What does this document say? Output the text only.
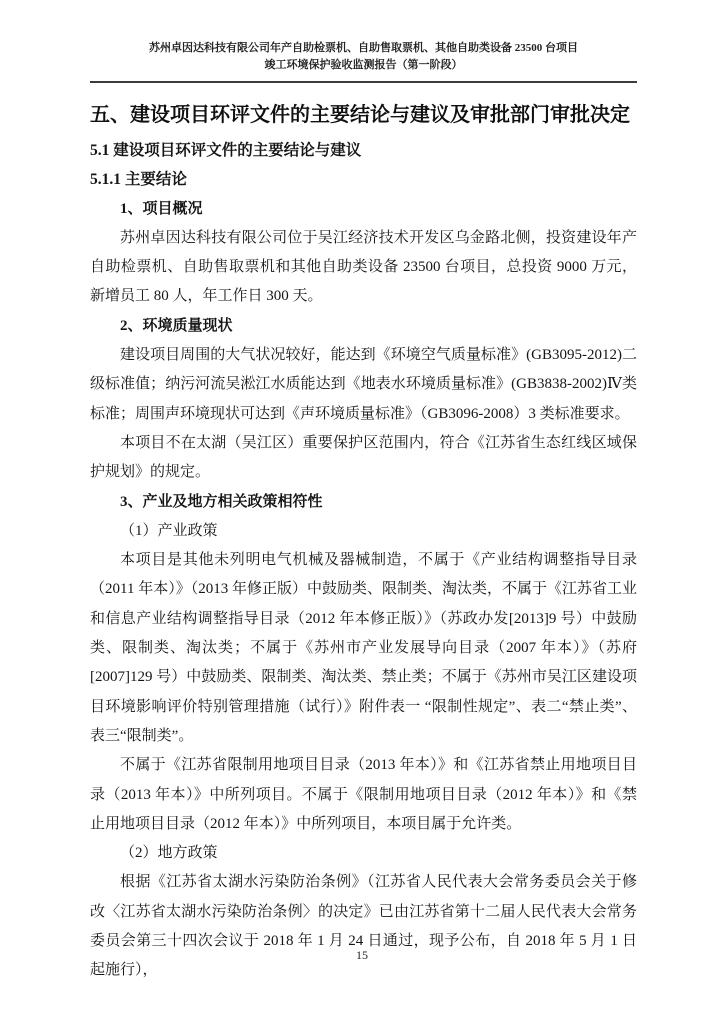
苏州卓因达科技有限公司年产自助检票机、自助售取票机、其他自助类设备 23500 台项目
竣工环境保护验收监测报告（第一阶段）
五、建设项目环评文件的主要结论与建议及审批部门审批决定
5.1 建设项目环评文件的主要结论与建议
5.1.1 主要结论
1、项目概况
苏州卓因达科技有限公司位于吴江经济技术开发区乌金路北侧，投资建设年产自助检票机、自助售取票机和其他自助类设备 23500 台项目，总投资 9000 万元，新增员工 80 人，年工作日 300 天。
2、环境质量现状
建设项目周围的大气状况较好，能达到《环境空气质量标准》(GB3095-2012)二级标准值；纳污河流吴淞江水质能达到《地表水环境质量标准》(GB3838-2002)Ⅳ类标准；周围声环境现状可达到《声环境质量标准》（GB3096-2008）3 类标准要求。
本项目不在太湖（吴江区）重要保护区范围内，符合《江苏省生态红线区域保护规划》的规定。
3、产业及地方相关政策相符性
（1）产业政策
本项目是其他未列明电气机械及器械制造，不属于《产业结构调整指导目录（2011 年本）》（2013 年修正版）中鼓励类、限制类、淘汰类，不属于《江苏省工业和信息产业结构调整指导目录（2012 年本修正版）》（苏政办发[2013]9 号）中鼓励类、限制类、淘汰类；不属于《苏州市产业发展导向目录（2007 年本）》（苏府[2007]129 号）中鼓励类、限制类、淘汰类、禁止类；不属于《苏州市吴江区建设项目环境影响评价特别管理措施（试行）》附件表一 “限制性规定”、表二“禁止类”、表三“限制类”。
不属于《江苏省限制用地项目目录（2013 年本）》和《江苏省禁止用地项目目录（2013 年本）》中所列项目。不属于《限制用地项目目录（2012 年本）》和《禁止用地项目目录（2012 年本）》中所列项目，本项目属于允许类。
（2）地方政策
根据《江苏省太湖水污染防治条例》（江苏省人民代表大会常务委员会关于修改〈江苏省太湖水污染防治条例〉的决定》已由江苏省第十二届人民代表大会常务委员会第三十四次会议于 2018 年 1 月 24 日通过，现予公布，自 2018 年 5 月 1 日起施行），
15
